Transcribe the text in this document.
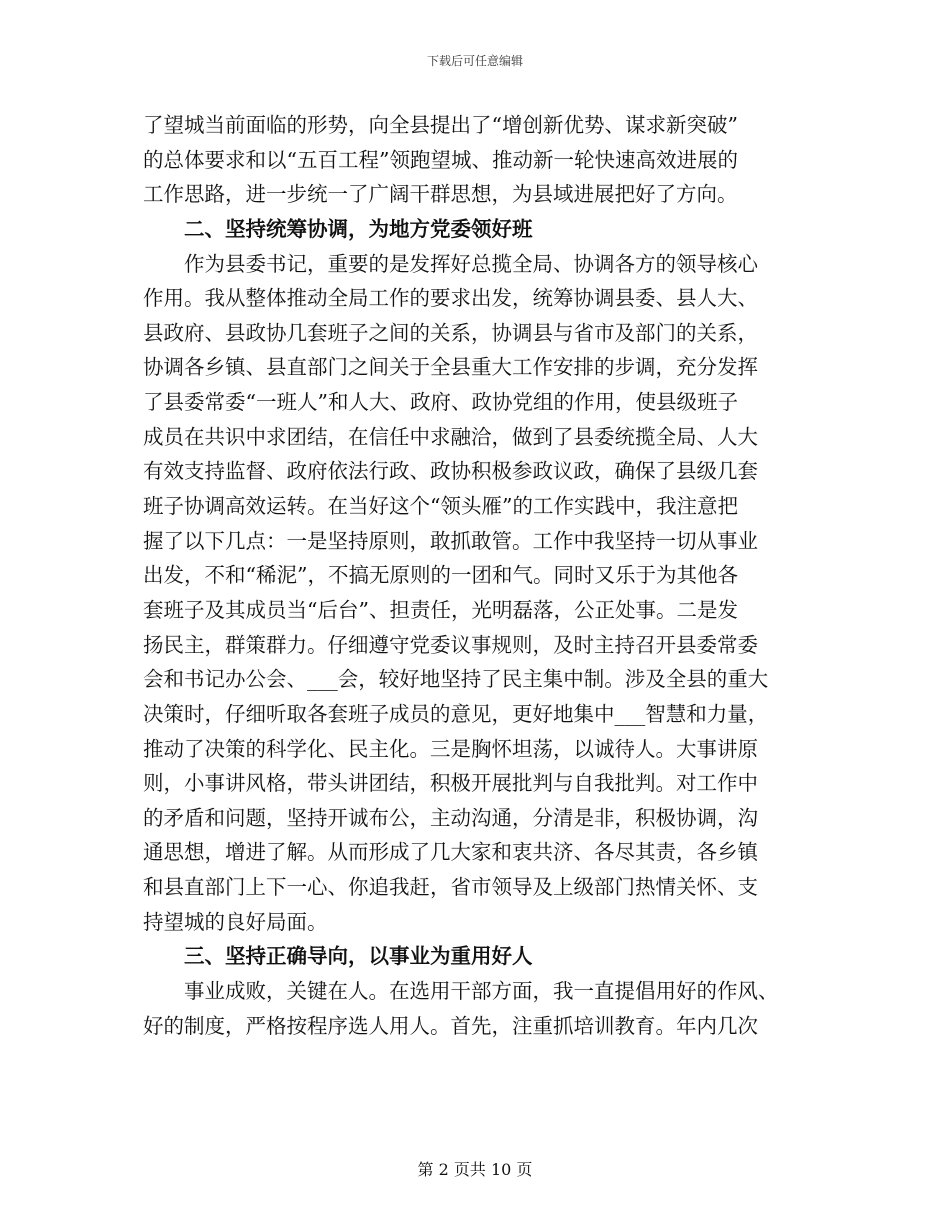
下载后可任意编辑
了望城当前面临的形势，向全县提出了“增创新优势、谋求新突破”
的总体要求和以“五百工程”领跑望城、推动新一轮快速高效进展的
工作思路，进一步统一了广阔干群思想，为县域进展把好了方向。
二、坚持统筹协调，为地方党委领好班
作为县委书记，重要的是发挥好总揽全局、协调各方的领导核心
作用。我从整体推动全局工作的要求出发，统筹协调县委、县人大、
县政府、县政协几套班子之间的关系，协调县与省市及部门的关系，
协调各乡镇、县直部门之间关于全县重大工作安排的步调，充分发挥
了县委常委“一班人”和人大、政府、政协党组的作用，使县级班子
成员在共识中求团结，在信任中求融洽，做到了县委统揽全局、人大
有效支持监督、政府依法行政、政协积极参政议政，确保了县级几套
班子协调高效运转。在当好这个“领头雁”的工作实践中，我注意把
握了以下几点：一是坚持原则，敢抓敢管。工作中我坚持一切从事业
出发，不和“稀泥”，不搞无原则的一团和气。同时又乐于为其他各
套班子及其成员当“后台”、担责任，光明磊落，公正处事。二是发
扬民主，群策群力。仔细遵守党委议事规则，及时主持召开县委常委
会和书记办公会、___会，较好地坚持了民主集中制。涉及全县的重大
决策时，仔细听取各套班子成员的意见，更好地集中___智慧和力量，
推动了决策的科学化、民主化。三是胸怀坦荡，以诚待人。大事讲原
则，小事讲风格，带头讲团结，积极开展批判与自我批判。对工作中
的矛盾和问题，坚持开诚布公，主动沟通，分清是非，积极协调，沟
通思想，增进了解。从而形成了几大家和衷共济、各尽其责，各乡镇
和县直部门上下一心、你追我赶，省市领导及上级部门热情关怀、支
持望城的良好局面。
三、坚持正确导向，以事业为重用好人
事业成败，关键在人。在选用干部方面，我一直提倡用好的作风、
好的制度，严格按程序选人用人。首先，注重抓培训教育。年内几次
第 2 页共 10 页
